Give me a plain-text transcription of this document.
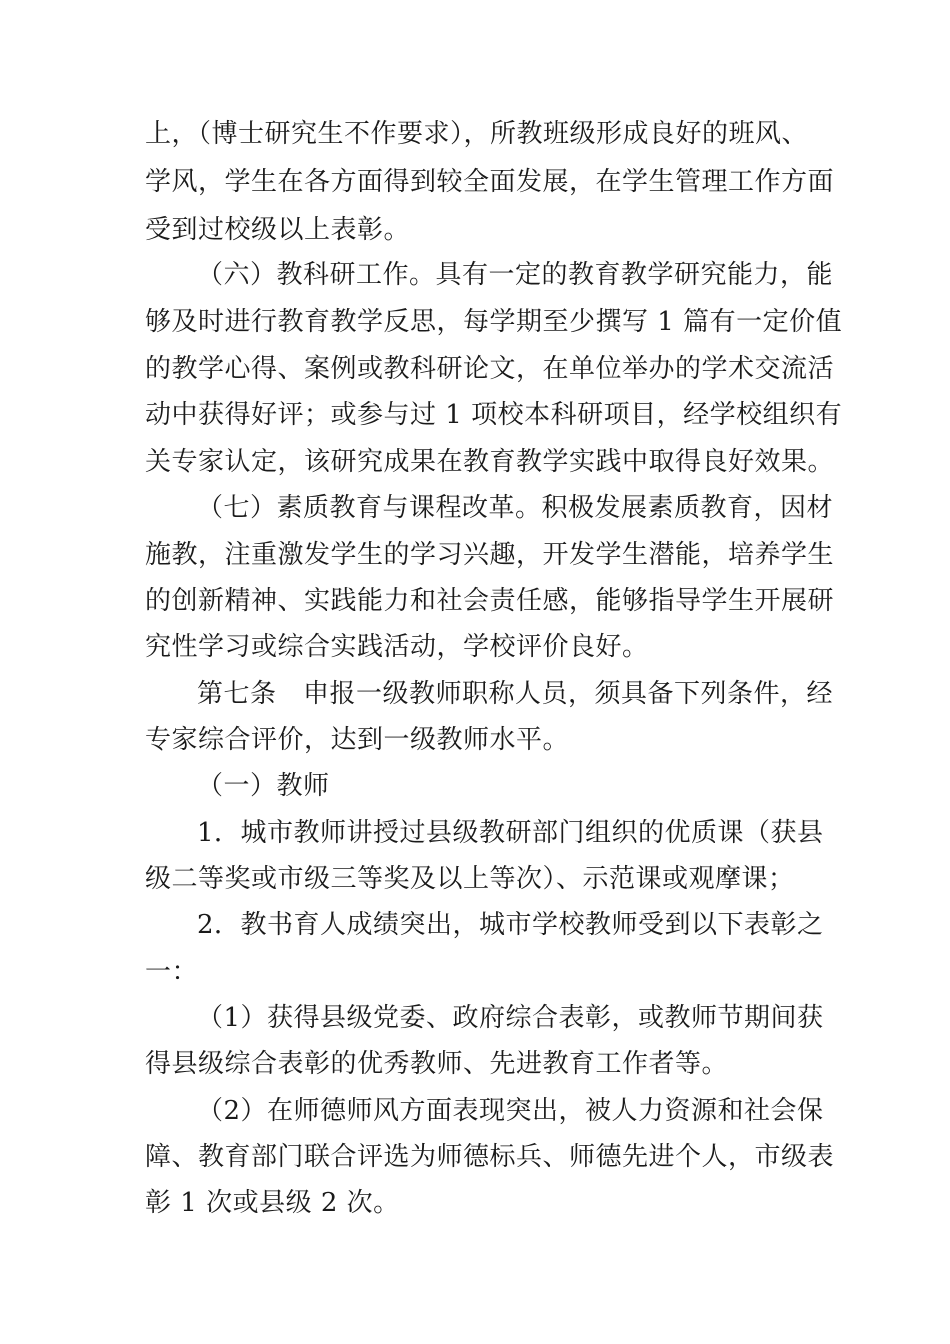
上，（博士研究生不作要求），所教班级形成良好的班风、
学风，学生在各方面得到较全面发展，在学生管理工作方面
受到过校级以上表彰。
（六）教科研工作。具有一定的教育教学研究能力，能
够及时进行教育教学反思，每学期至少撰写 1 篇有一定价值
的教学心得、案例或教科研论文，在单位举办的学术交流活
动中获得好评；或参与过 1 项校本科研项目，经学校组织有
关专家认定，该研究成果在教育教学实践中取得良好效果。
（七）素质教育与课程改革。积极发展素质教育，因材
施教，注重激发学生的学习兴趣，开发学生潜能，培养学生
的创新精神、实践能力和社会责任感，能够指导学生开展研
究性学习或综合实践活动，学校评价良好。
第七条　申报一级教师职称人员，须具备下列条件，经
专家综合评价，达到一级教师水平。
（一）教师
1．城市教师讲授过县级教研部门组织的优质课（获县
级二等奖或市级三等奖及以上等次）、示范课或观摩课；
2．教书育人成绩突出，城市学校教师受到以下表彰之
一：
（1）获得县级党委、政府综合表彰，或教师节期间获
得县级综合表彰的优秀教师、先进教育工作者等。
（2）在师德师风方面表现突出，被人力资源和社会保
障、教育部门联合评选为师德标兵、师德先进个人，市级表
彰 1 次或县级 2 次。
